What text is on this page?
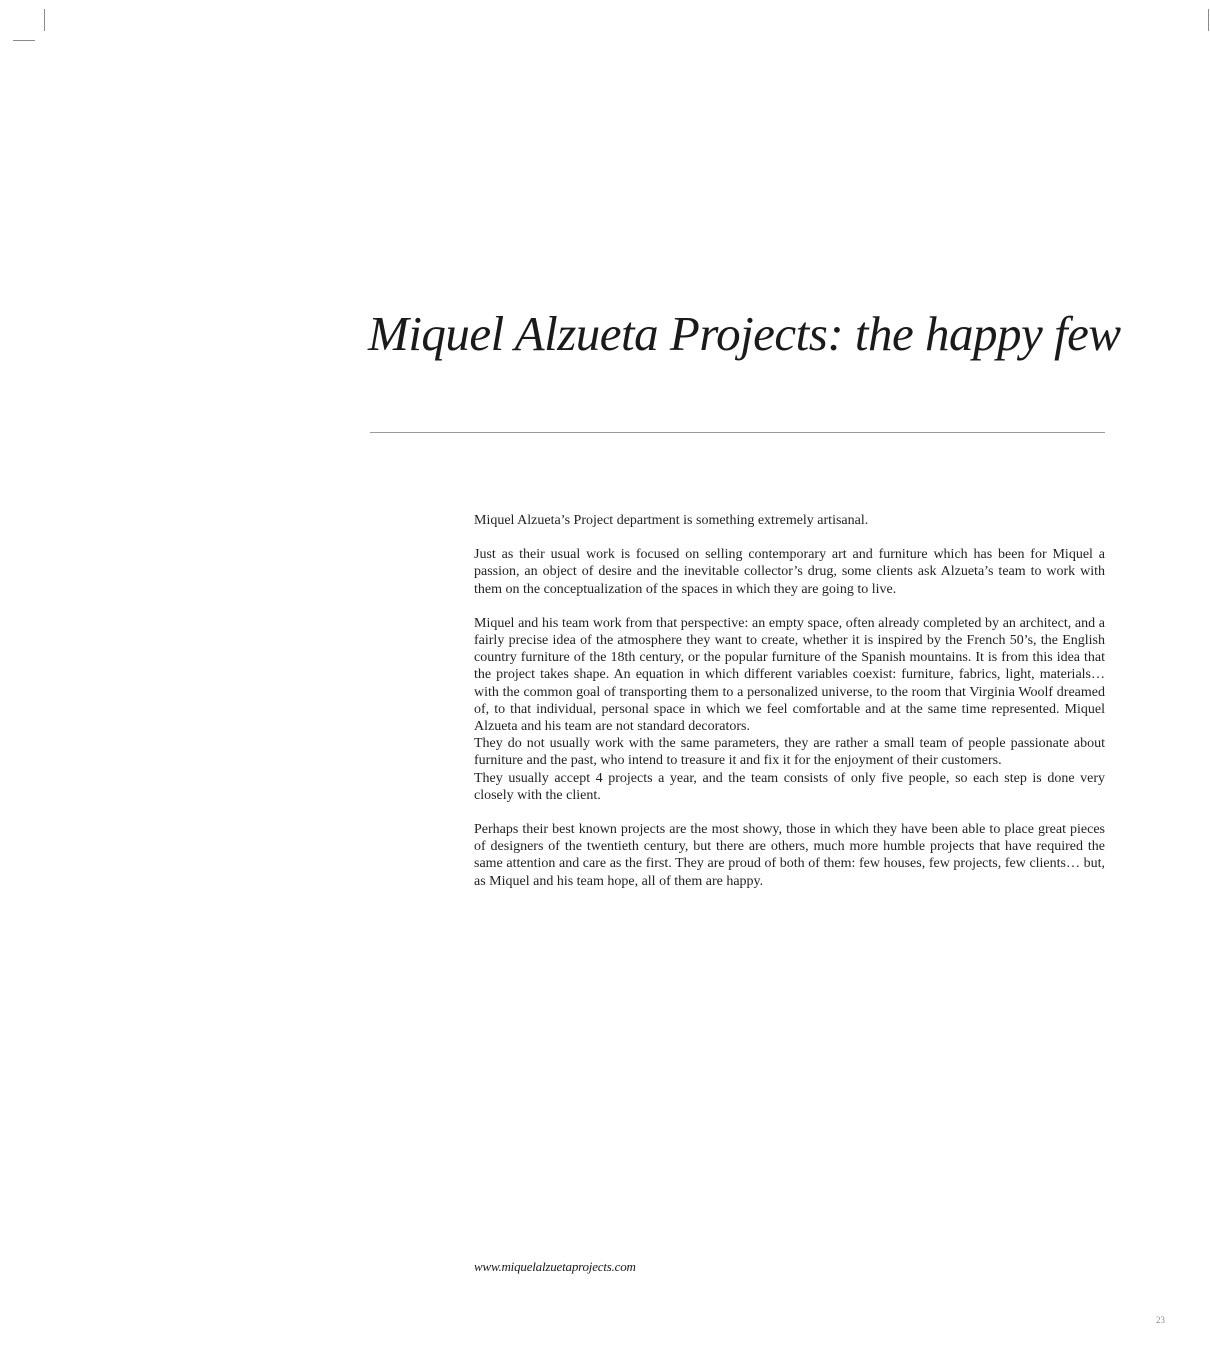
Miquel Alzueta Projects: the happy few

Miquel Alzueta’s Project department is something extremely artisanal.

Just as their usual work is focused on selling contemporary art and furniture which has been for Miquel a passion, an object of desire and the inevitable collector’s drug, some clients ask Alzueta’s team to work with them on the conceptualization of the spaces in which they are going to live.

Miquel and his team work from that perspective: an empty space, often already completed by an architect, and a fairly precise idea of the atmosphere they want to create, whether it is inspired by the French 50’s, the English country furniture of the 18th century, or the popular furniture of the Spanish mountains. It is from this idea that the project takes shape. An equation in which different variables coexist: furniture, fabrics, light, materials… with the common goal of transporting them to a personalized universe, to the room that Virginia Woolf dreamed of, to that individual, personal space in which we feel comfortable and at the same time represented. Miquel Alzueta and his team are not standard decorators.

They do not usually work with the same parameters, they are rather a small team of people passionate about furniture and the past, who intend to treasure it and fix it for the enjoyment of their customers.

They usually accept 4 projects a year, and the team consists of only five people, so each step is done very closely with the client.

Perhaps their best known projects are the most showy, those in which they have been able to place great pieces of designers of the twentieth century, but there are others, much more humble projects that have required the same attention and care as the first. They are proud of both of them: few houses, few projects, few clients… but, as Miquel and his team hope, all of them are happy.

www.miquelalzuetaprojects.com
23
